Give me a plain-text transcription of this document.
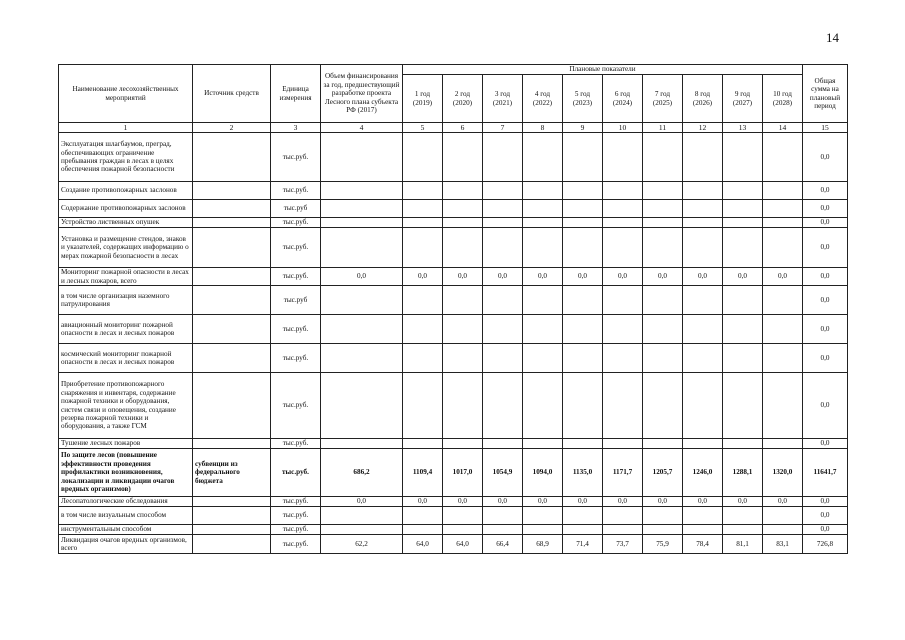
14
Наименование лесохозяйственных мероприятий	Источник средств	Единица измерения	Объем финансирования за год, предшествующий разработке проекта Лесного плана субъекта РФ (2017)	Плановые показатели										Общая сумма на плановый период
				1 год (2019)	2 год (2020)	3 год (2021)	4 год (2022)	5 год (2023)	6 год (2024)	7 год (2025)	8 год (2026)	9 год (2027)	10 год (2028)	
1	2	3	4	5	6	7	8	9	10	11	12	13	14	15
Эксплуатация шлагбаумов, преград, обеспечивающих ограничение пребывания граждан в лесах в целях обеспечения пожарной безопасности		тыс.руб.												0,0
Создание противопожарных заслонов		тыс.руб.												0,0
Содержание противопожарных заслонов		тыс.руб												0,0
Устройство лиственных опушек		тыс.руб.												0,0
Установка и размещение стендов, знаков и указателей, содержащих информацию о мерах пожарной безопасности в лесах		тыс.руб.												0,0
Мониторинг пожарной опасности в лесах и лесных пожаров, всего		тыс.руб.	0,0	0,0	0,0	0,0	0,0	0,0	0,0	0,0	0,0	0,0	0,0	0,0
в том числе организация наземного патрулирования		тыс.руб												0,0
авиационный мониторинг пожарной опасности в лесах и лесных пожаров		тыс.руб.												0,0
космический мониторинг пожарной опасности в лесах и лесных пожаров		тыс.руб.												0,0
Приобретение противопожарного снаряжения и инвентаря, содержание пожарной техники и оборудования, систем связи и оповещения, создание резерва пожарной техники и оборудования, а также ГСМ		тыс.руб.												0,0
Тушение лесных пожаров		тыс.руб.												0,0
По защите лесов (повышение эффективности проведения профилактики возникновения, локализации и ликвидации очагов вредных организмов)	субвенции из федерального бюджета	тыс.руб.	686,2	1109,4	1017,0	1054,9	1094,0	1135,0	1171,7	1205,7	1246,0	1288,1	1320,0	11641,7
Лесопатологические обследования		тыс.руб.	0,0	0,0	0,0	0,0	0,0	0,0	0,0	0,0	0,0	0,0	0,0	0,0
в том числе визуальным способом		тыс.руб.												0,0
инструментальным способом		тыс.руб.												0,0
Ликвидация очагов вредных организмов, всего		тыс.руб.	62,2	64,0	64,0	66,4	68,9	71,4	73,7	75,9	78,4	81,1	83,1	726,8
